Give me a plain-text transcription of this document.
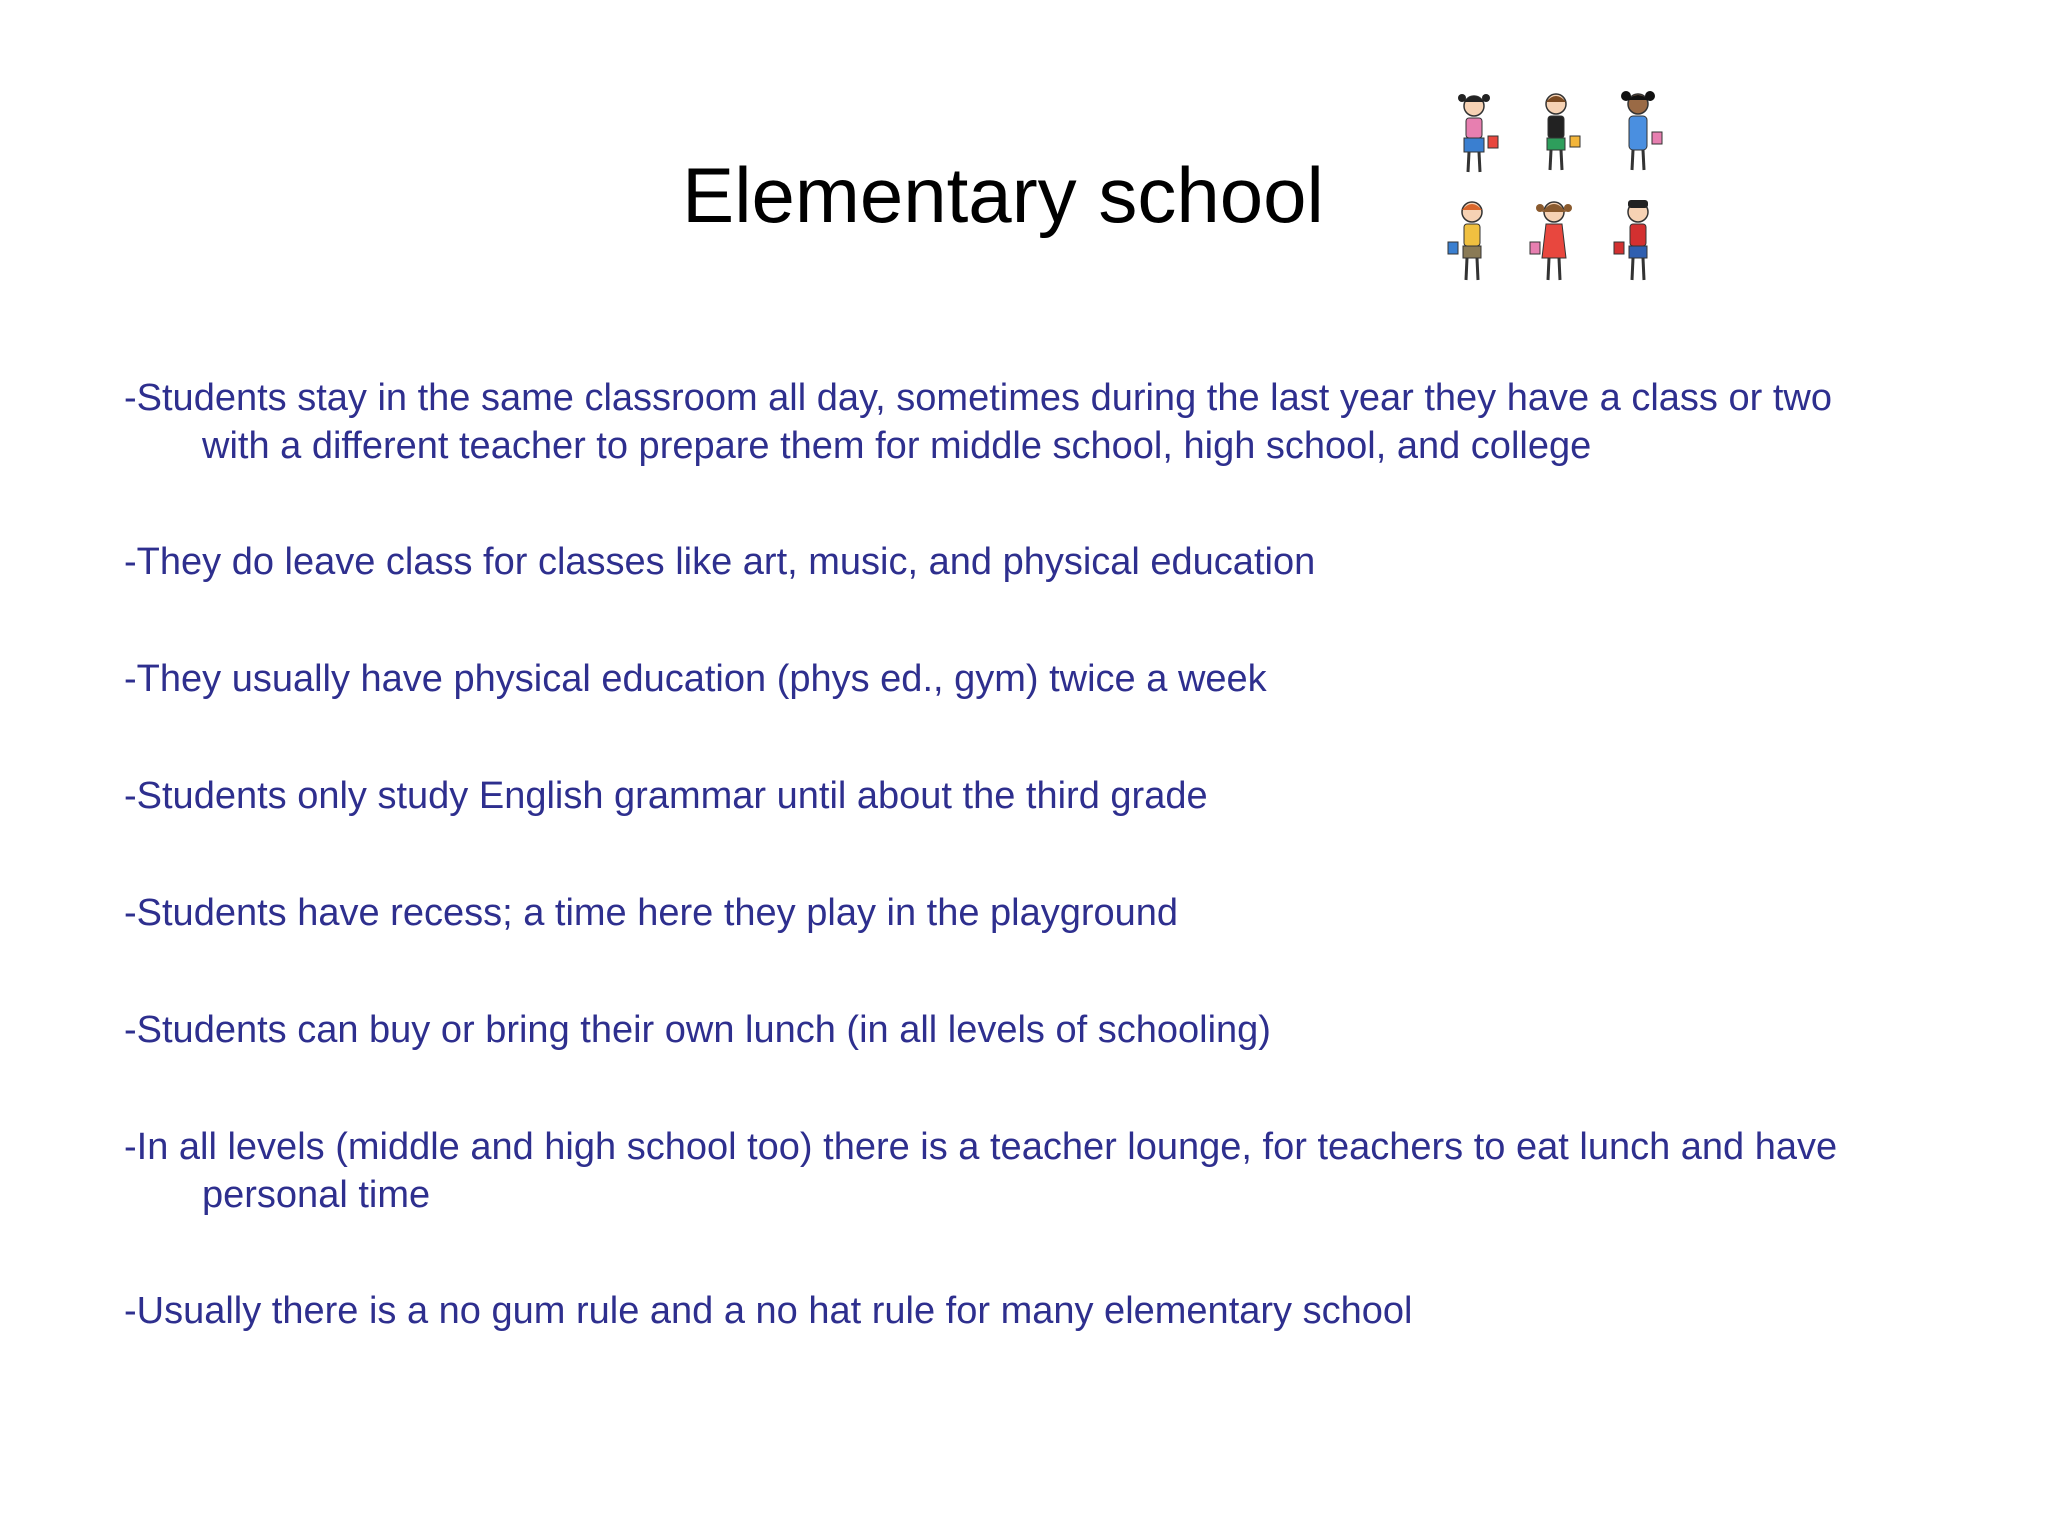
Elementary school
-Students stay in the same classroom all day, sometimes during the last year they have a class or two with a different teacher to prepare them for middle school, high school, and college
-They do leave class for classes like art, music, and physical education
-They usually have physical education (phys ed., gym) twice a week
-Students only study English grammar until about the third grade
-Students have recess; a time here they play in the playground
-Students can buy or bring their own lunch (in all levels of schooling)
-In all levels (middle and high school too) there is a teacher lounge, for teachers to eat lunch and have personal time
-Usually there is a no gum rule and a no hat rule for many elementary school
